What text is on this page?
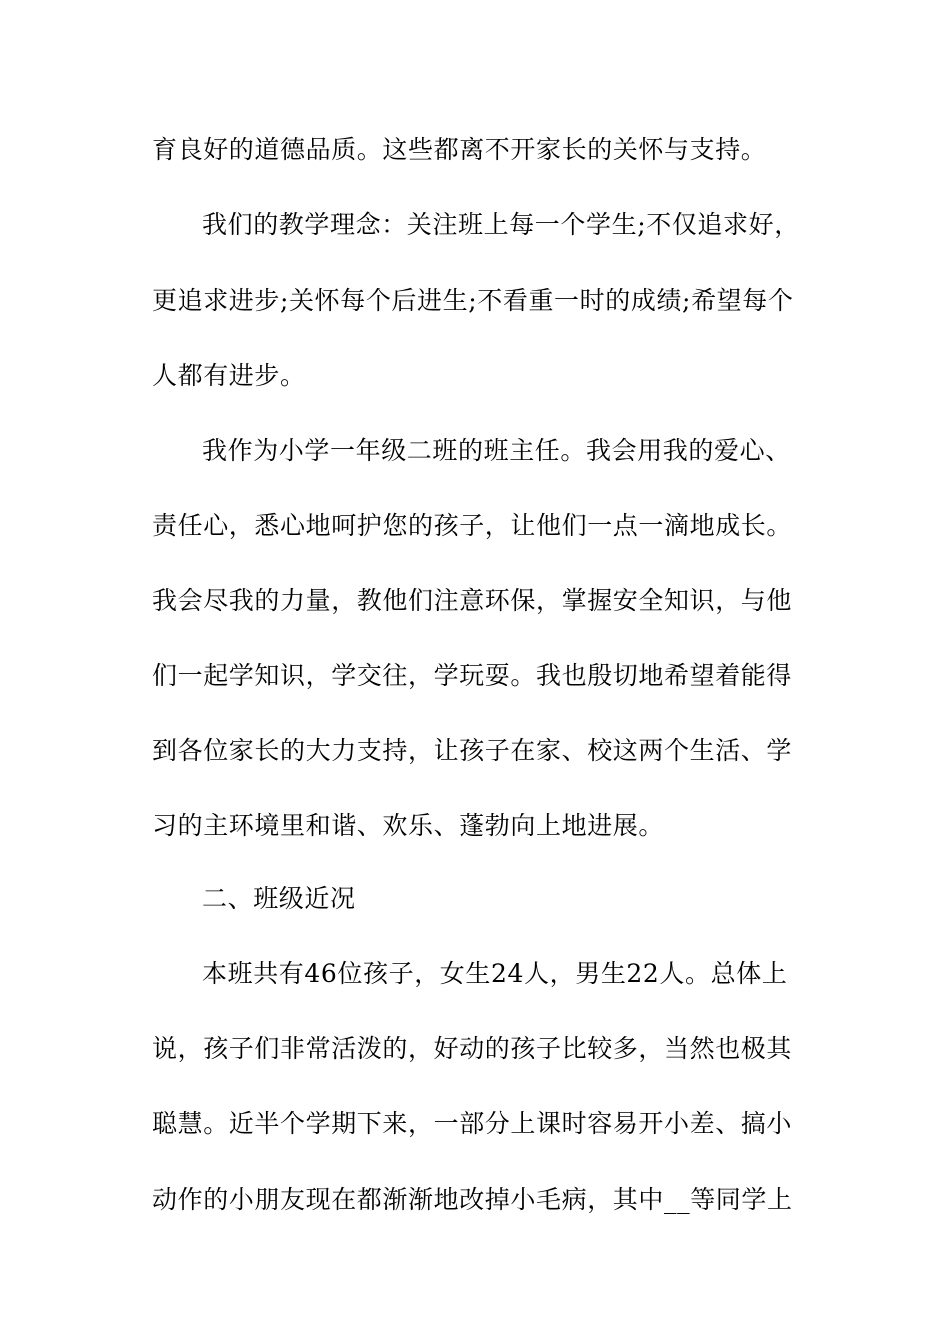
育良好的道德品质。这些都离不开家长的关怀与支持。
我们的教学理念：关注班上每一个学生;不仅追求好，
更追求进步;关怀每个后进生;不看重一时的成绩;希望每个
人都有进步。
我作为小学一年级二班的班主任。我会用我的爱心、
责任心，悉心地呵护您的孩子，让他们一点一滴地成长。
我会尽我的力量，教他们注意环保，掌握安全知识，与他
们一起学知识，学交往，学玩耍。我也殷切地希望着能得
到各位家长的大力支持，让孩子在家、校这两个生活、学
习的主环境里和谐、欢乐、蓬勃向上地进展。
二、班级近况
本班共有46位孩子，女生24人，男生22人。总体上
说，孩子们非常活泼的，好动的孩子比较多，当然也极其
聪慧。近半个学期下来，一部分上课时容易开小差、搞小
动作的小朋友现在都渐渐地改掉小毛病，其中__等同学上
